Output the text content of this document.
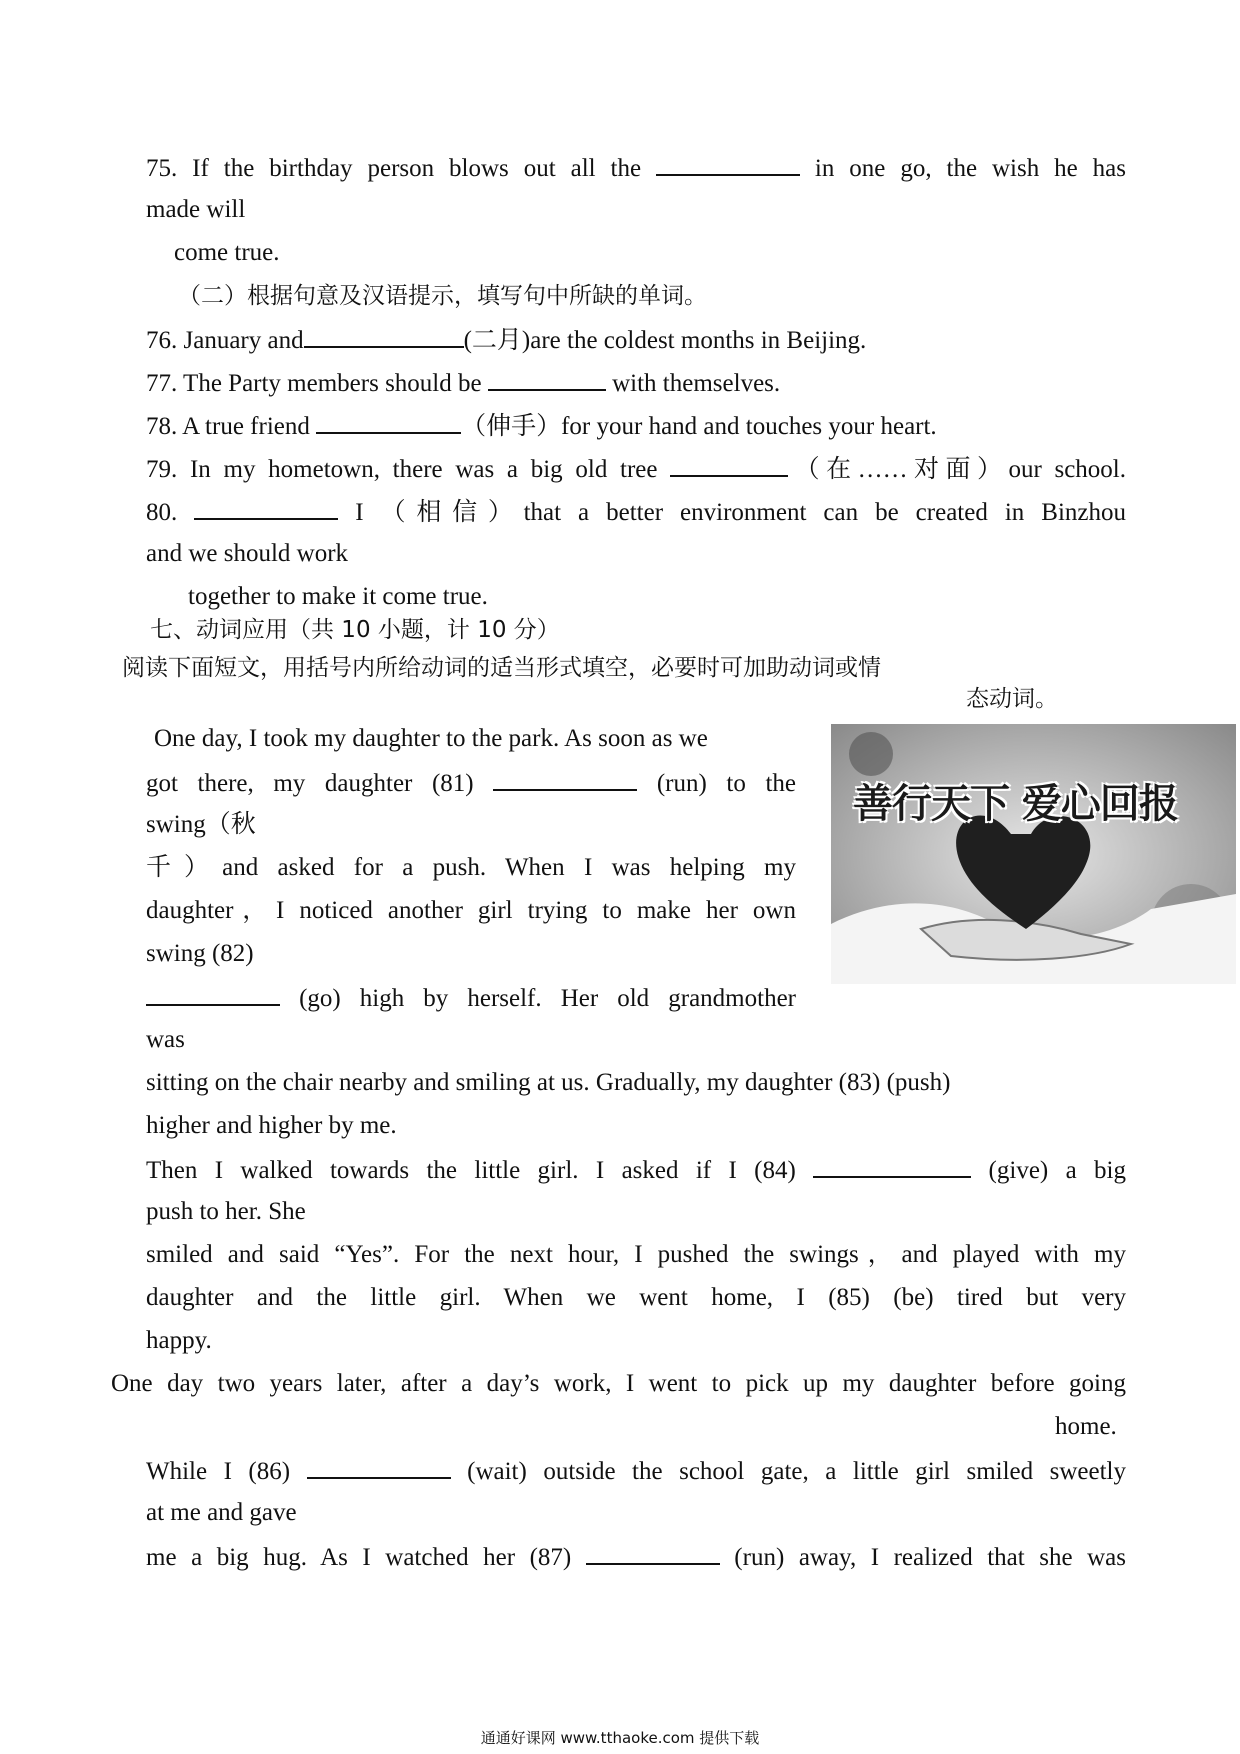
75. If the birthday person blows out all the	in one go, the wish he has
made will
come true.
（二）根据句意及汉语提示，填写句中所缺的单词。
76. January and	(二月)are the coldest months in Beijing.
77. The Party members should be	with themselves.
78. A true friend	（伸手）for your hand and touches your heart.
79. In my hometown, there was a big old tree	（在……对面）our school.
80.	I （相信）that a better environment can be created in Binzhou
and we should work
together to make it come true.
七、动词应用（共 10 小题，计 10 分）
阅读下面短文，用括号内所给动词的适当形式填空，必要时可加助动词或情
态动词。
善行天下 爱心回报
One day, I took my daughter to the park. As soon as we
got there, my daughter (81)	(run) to the
swing（秋
千）and asked for a push. When I was helping my
daughter，I noticed another girl trying to make her own
swing (82)
(go) high by herself. Her old grandmother
was
sitting on the chair nearby and smiling at us. Gradually, my daughter (83) (push)
higher and higher by me.
Then I walked towards the little girl. I asked if I (84)	(give) a big
push to her. She
smiled and said “Yes”. For the next hour, I pushed the swings，and played with my
daughter and the little girl. When we went home, I (85) (be) tired but very
happy.
One day two years later, after a day’s work, I went to pick up my daughter before going
home.
While I (86)	(wait) outside the school gate, a little girl smiled sweetly
at me and gave
me a big hug. As I watched her (87)	(run) away, I realized that she was
通通好课网 www.tthaoke.com 提供下载
